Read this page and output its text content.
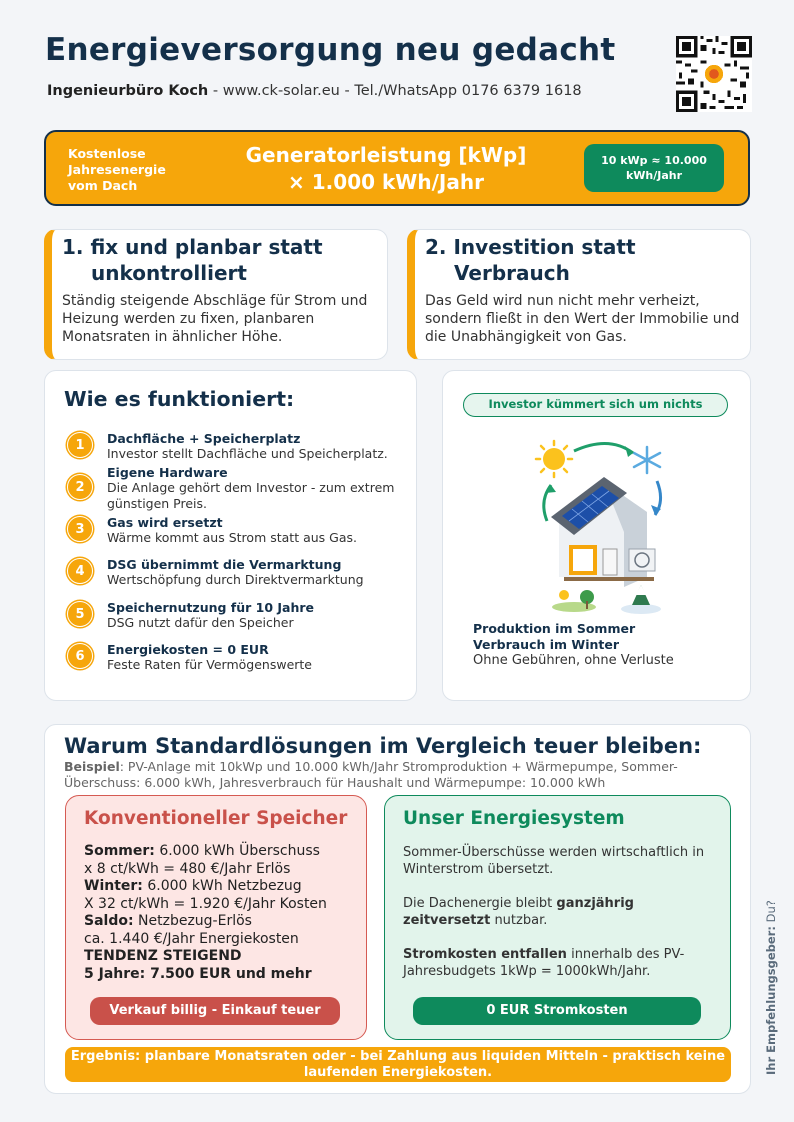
Energieversorgung neu gedacht
Ingenieurbüro Koch - www.ck-solar.eu - Tel./WhatsApp 0176 6379 1618
Kostenlose
Jahresenergie
vom Dach
Generatorleistung [kWp]
× 1.000 kWh/Jahr
10 kWp ≈ 10.000
kWh/Jahr
1. fix und planbar statt
unkontrolliert

Ständig steigende Abschläge für Strom und Heizung werden zu fixen, planbaren Monatsraten in ähnlicher Höhe.

2. Investition statt
Verbrauch

Das Geld wird nun nicht mehr verheizt, sondern fließt in den Wert der Immobilie und die Unabhängigkeit von Gas.

Wie es funktioniert:
1	Dachfläche + Speicherplatz
Investor stellt Dachfläche und Speicherplatz.
2
Eigene Hardware
Die Anlage gehört dem Investor - zum extrem günstigen Preis.
3	Gas wird ersetzt
Wärme kommt aus Strom statt aus Gas.
4	DSG übernimmt die Vermarktung
Wertschöpfung durch Direktvermarktung
5	Speichernutzung für 10 Jahre
DSG nutzt dafür den Speicher
6	Energiekosten = 0 EUR
Feste Raten für Vermögenswerte
Investor kümmert sich um nichts
Produktion im Sommer
Verbrauch im Winter
Ohne Gebühren, ohne Verluste
Warum Standardlösungen im Vergleich teuer bleiben:
Beispiel: PV-Anlage mit 10kWp und 10.000 kWh/Jahr Stromproduktion + Wärmepumpe, Sommer-Überschuss: 6.000 kWh, Jahresverbrauch für Haushalt und Wärmepumpe: 10.000 kWh
Konventioneller Speicher
Sommer: 6.000 kWh Überschuss
x 8 ct/kWh = 480 €/Jahr Erlös
Winter: 6.000 kWh Netzbezug
X 32 ct/kWh = 1.920 €/Jahr Kosten
Saldo: Netzbezug-Erlös
ca. 1.440 €/Jahr Energiekosten
TENDENZ STEIGEND
5 Jahre: 7.500 EUR und mehr
Verkauf billig - Einkauf teuer
Unser Energiesystem

Sommer-Überschüsse werden wirtschaftlich in Winterstrom übersetzt.

Die Dachenergie bleibt ganzjährig zeitversetzt nutzbar.

Stromkosten entfallen innerhalb des PV-Jahresbudgets 1kWp = 1000kWh/Jahr.

0 EUR Stromkosten
Ergebnis: planbare Monatsraten oder - bei Zahlung aus liquiden Mitteln - praktisch keine laufenden Energiekosten.	Ihr Empfehlungsgeber: Du?
